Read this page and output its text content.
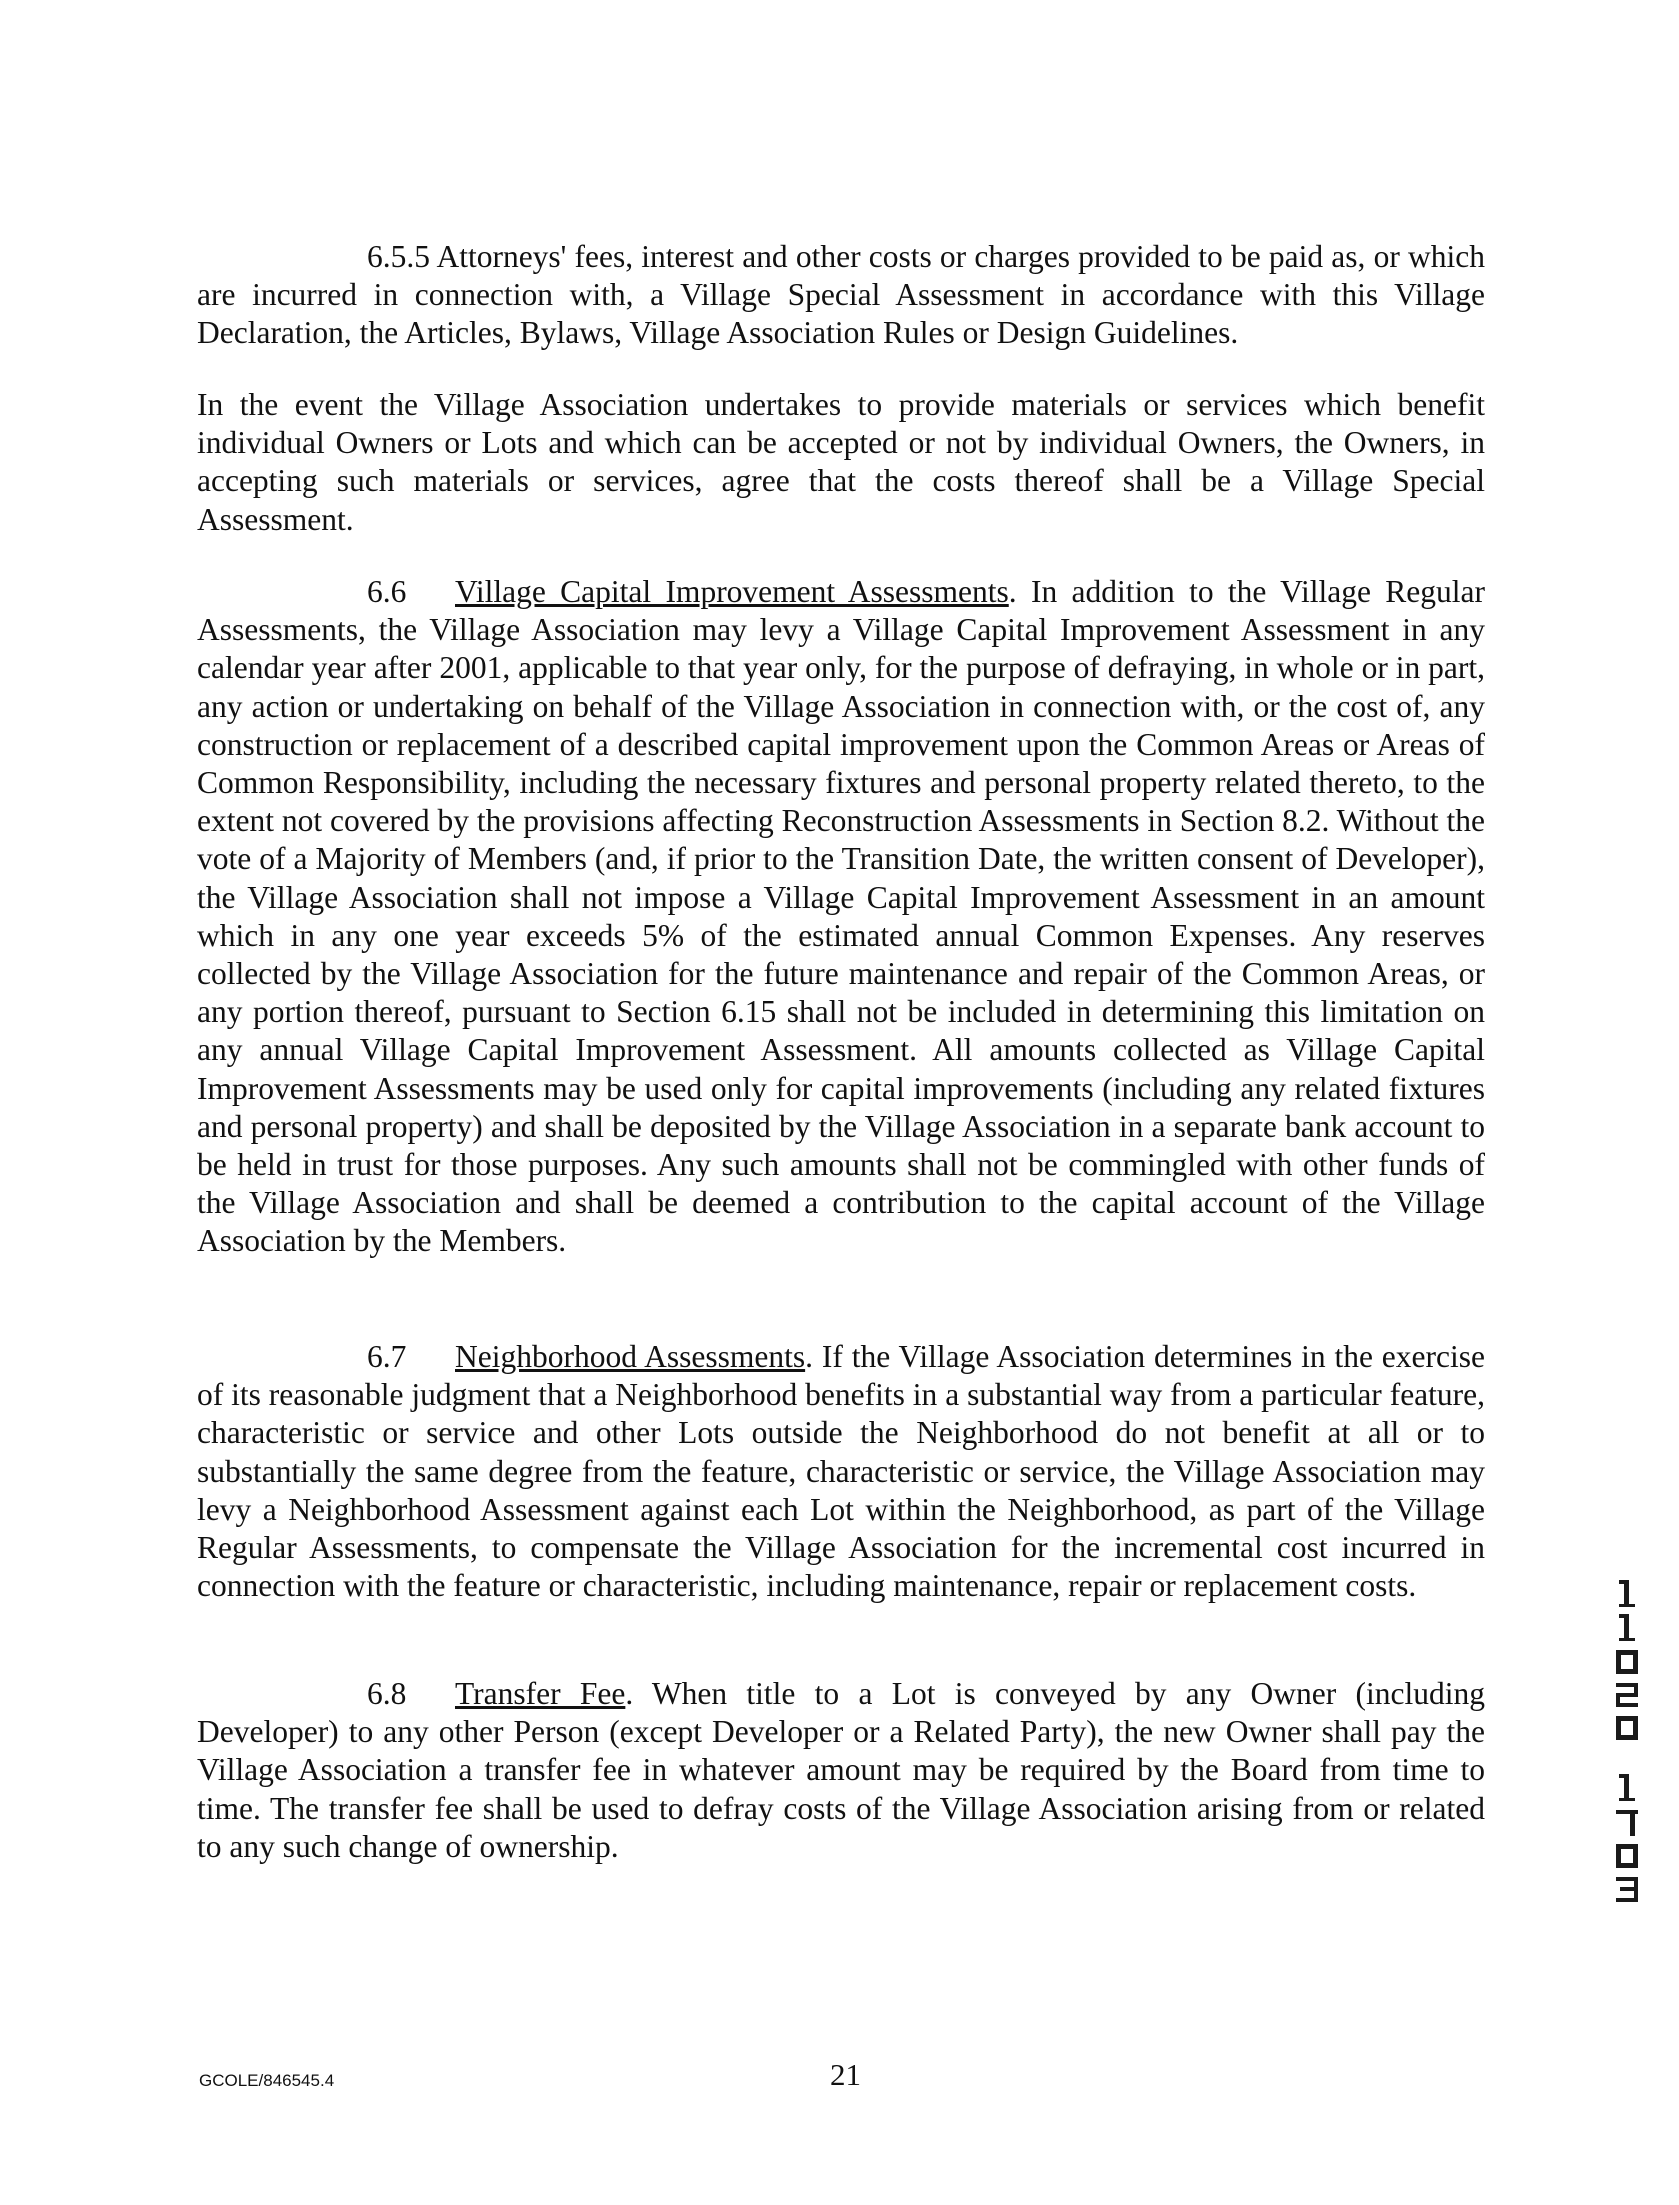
6.5.5 Attorneys' fees, interest and other costs or charges provided to be paid as, or which are incurred in connection with, a Village Special Assessment in accordance with this Village Declaration, the Articles, Bylaws, Village Association Rules or Design Guidelines.

In the event the Village Association undertakes to provide materials or services which benefit individual Owners or Lots and which can be accepted or not by individual Owners, the Owners, in accepting such materials or services, agree that the costs thereof shall be a Village Special Assessment.

6.6 Village Capital Improvement Assessments. In addition to the Village Regular Assessments, the Village Association may levy a Village Capital Improvement Assessment in any calendar year after 2001, applicable to that year only, for the purpose of defraying, in whole or in part, any action or undertaking on behalf of the Village Association in connection with, or the cost of, any construction or replacement of a described capital improvement upon the Common Areas or Areas of Common Responsibility, including the necessary fixtures and personal property related thereto, to the extent not covered by the provisions affecting Reconstruction Assessments in Section 8.2. Without the vote of a Majority of Members (and, if prior to the Transition Date, the written consent of Developer), the Village Association shall not impose a Village Capital Improvement Assessment in an amount which in any one year exceeds 5% of the estimated annual Common Expenses. Any reserves collected by the Village Association for the future maintenance and repair of the Common Areas, or any portion thereof, pursuant to Section 6.15 shall not be included in determining this limitation on any annual Village Capital Improvement Assessment. All amounts collected as Village Capital Improvement Assessments may be used only for capital improvements (including any related fixtures and personal property) and shall be deposited by the Village Association in a separate bank account to be held in trust for those purposes. Any such amounts shall not be commingled with other funds of the Village Association and shall be deemed a contribution to the capital account of the Village Association by the Members.

6.7 Neighborhood Assessments. If the Village Association determines in the exercise of its reasonable judgment that a Neighborhood benefits in a substantial way from a particular feature, characteristic or service and other Lots outside the Neighborhood do not benefit at all or to substantially the same degree from the feature, characteristic or service, the Village Association may levy a Neighborhood Assessment against each Lot within the Neighborhood, as part of the Village Regular Assessments, to compensate the Village Association for the incremental cost incurred in connection with the feature or characteristic, including maintenance, repair or replacement costs.

6.8 Transfer Fee. When title to a Lot is conveyed by any Owner (including Developer) to any other Person (except Developer or a Related Party), the new Owner shall pay the Village Association a transfer fee in whatever amount may be required by the Board from time to time. The transfer fee shall be used to defray costs of the Village Association arising from or related to any such change of ownership.

GCOLE/846545.4	21
